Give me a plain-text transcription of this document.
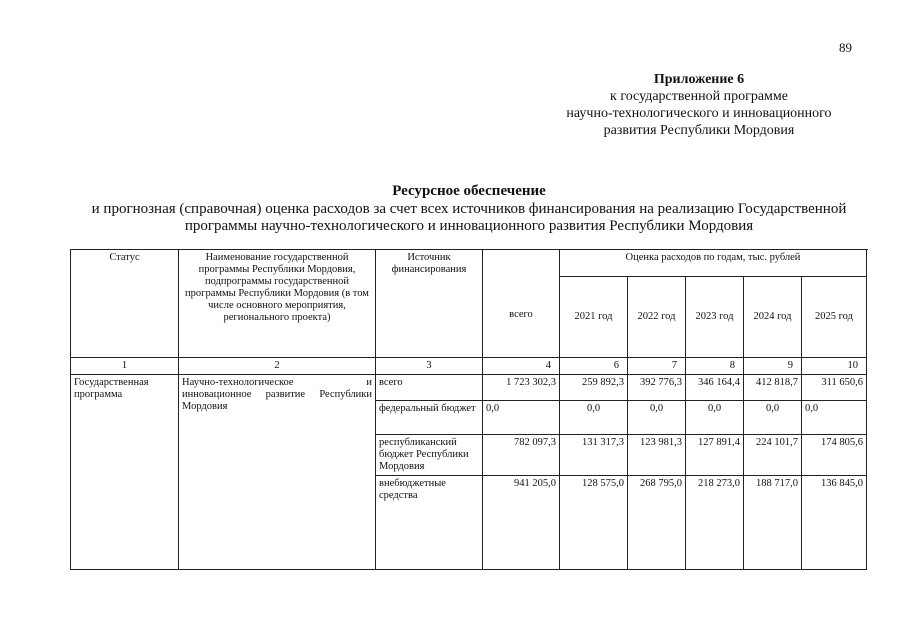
89
Приложение 6
к государственной программе
научно-технологического и инновационного
развития Республики Мордовия
Ресурсное обеспечение
и прогнозная (справочная) оценка расходов за счет всех источников финансирования на реализацию Государственной
программы научно-технологического и инновационного развития Республики Мордовия
Статус	Наименование государственной программы Республики Мордовия, подпрограммы государственной программы Республики Мордовия (в том числе основного мероприятия, регионального проекта)	Источник финансирования	всего	Оценка расходов по годам, тыс. рублей				
				2021 год	2022 год	2023 год	2024 год	2025 год
1	2	3	4	6	7	8	9	10
Государственная программа	Научно-технологическое и инновационное развитие Республики Мордовия	всего	1 723 302,3	259 892,3	392 776,3	346 164,4	412 818,7	311 650,6
		федеральный бюджет	0,0	0,0	0,0	0,0	0,0	0,0
		республиканский бюджет Республики Мордовия	782 097,3	131 317,3	123 981,3	127 891,4	224 101,7	174 805,6
		внебюджетные средства	941 205,0	128 575,0	268 795,0	218 273,0	188 717,0	136 845,0
